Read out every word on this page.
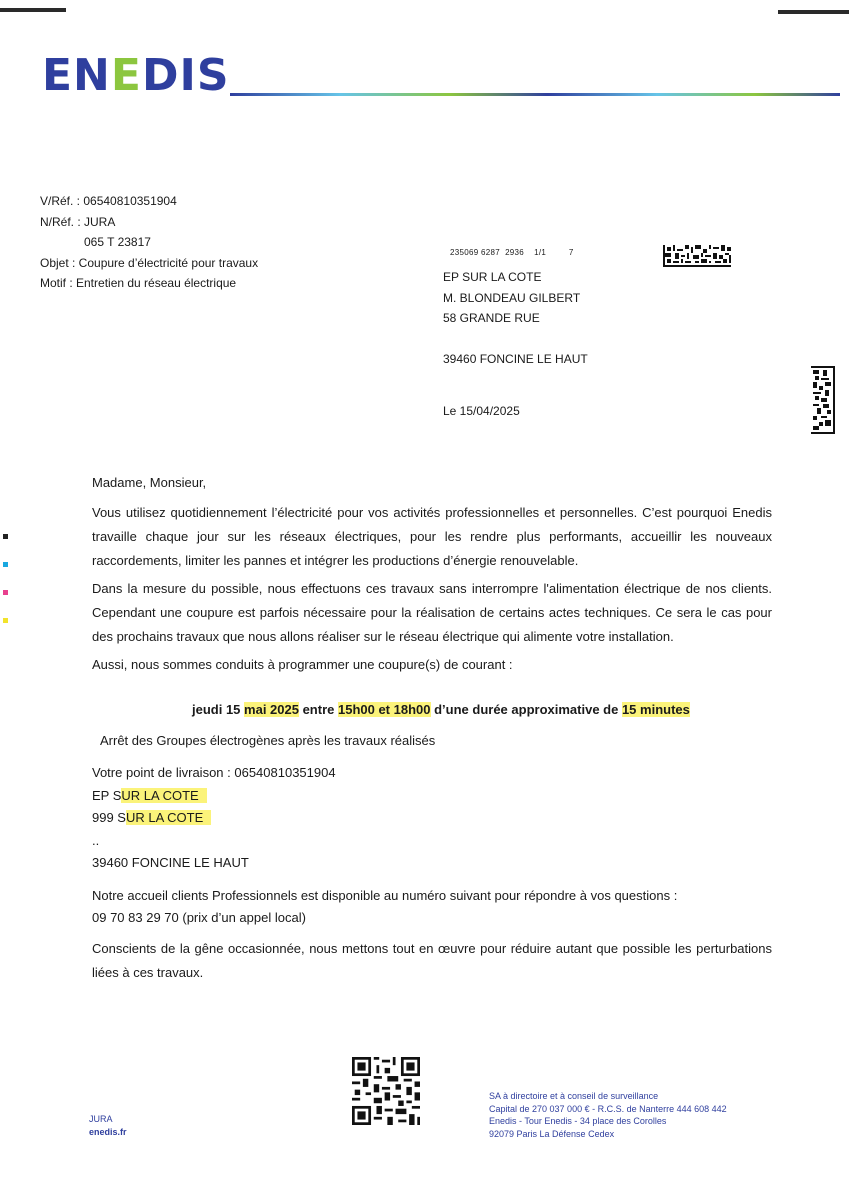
ENEDIS
V/Réf. : 06540810351904
N/Réf. : JURA
065 T 23817
Objet : Coupure d’électricité pour travaux
Motif : Entretien du réseau électrique
235069 6287 2936 1/1	7
EP SUR LA COTE
M. BLONDEAU GILBERT
58 GRANDE RUE
39460 FONCINE LE HAUT
Le 15/04/2025
Madame, Monsieur,
Vous utilisez quotidiennement l’électricité pour vos activités professionnelles et personnelles. C’est pourquoi Enedis travaille chaque jour sur les réseaux électriques, pour les rendre plus performants, accueillir les nouveaux raccordements, limiter les pannes et intégrer les productions d’énergie renouvelable.
Dans la mesure du possible, nous effectuons ces travaux sans interrompre l'alimentation électrique de nos clients. Cependant une coupure est parfois nécessaire pour la réalisation de certains actes techniques. Ce sera le cas pour des prochains travaux que nous allons réaliser sur le réseau électrique qui alimente votre installation.
Aussi, nous sommes conduits à programmer une coupure(s) de courant :
jeudi 15 mai 2025 entre 15h00 et 18h00 d’une durée approximative de 15 minutes
Arrêt des Groupes électrogènes après les travaux réalisés
Votre point de livraison : 06540810351904
EP SUR LA COTE
999 SUR LA COTE
..
39460 FONCINE LE HAUT
Notre accueil clients Professionnels est disponible au numéro suivant pour répondre à vos questions :
09 70 83 29 70 (prix d’un appel local)
Conscients de la gêne occasionnée, nous mettons tout en œuvre pour réduire autant que possible les perturbations liées à ces travaux.
JURA
enedis.fr
SA à directoire et à conseil de surveillance
Capital de 270 037 000 € - R.C.S. de Nanterre 444 608 442
Enedis - Tour Enedis - 34 place des Corolles
92079 Paris La Défense Cedex
